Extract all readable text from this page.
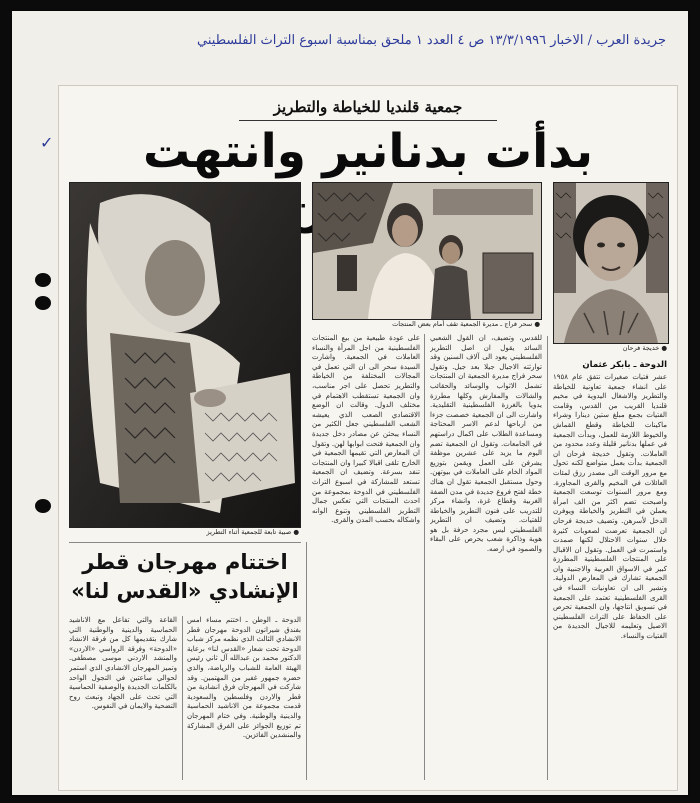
جريدة العرب / الاخبار ١٣/٣/١٩٩٦ ص ٤ العدد ١ ملحق بمناسبة اسبوع التراث الفلسطيني
✓
جمعية قلنديا للخياطة والتطريز
بدأت بدنانير وانتهت
● صبية تابعة للجمعية أثناء التطريز
● سحر فراج ـ مديرة الجمعية تقف أمام بعض المنتجات
● خديجة فرحان
الدوحة ـ بابكر عثمان
عشر فتيات صغيرات تتفق عام ١٩٥٨ على انشاء جمعية تعاونية للخياطة والتطريز والاشغال اليدوية في مخيم قلنديا القريب من القدس، وقامت الفتيات بجمع مبلغ ستين دينارا وشراء ماكينات للخياطة وقطع القماش والخيوط اللازمة للعمل، وبدأت الجمعية في عملها بدنانير قليلة وعدد محدود من العاملات. وتقول خديجة فرحان ان الجمعية بدأت بعمل متواضع لكنه تحول مع مرور الوقت الى مصدر رزق لمئات العائلات في المخيم والقرى المجاورة. ومع مرور السنوات توسعت الجمعية واصبحت تضم اكثر من الف امرأة يعملن في التطريز والخياطة ويوفرن الدخل لأسرهن. وتضيف خديجة فرحان ان الجمعية تعرضت لصعوبات كثيرة خلال سنوات الاحتلال لكنها صمدت واستمرت في العمل. وتقول ان الاقبال على المنتجات الفلسطينية المطرزة كبير في الاسواق العربية والاجنبية وان الجمعية تشارك في المعارض الدولية. وتشير الى ان تعاونيات النساء في القرى الفلسطينية تعتمد على الجمعية في تسويق انتاجها، وان الجمعية تحرص على الحفاظ على التراث الفلسطيني الاصيل وتعليمه للاجيال الجديدة من الفتيات والنساء.
للقدس، وتضيف، ان القول الشعبي السائد يقول ان اصل التطريز الفلسطيني يعود الى آلاف السنين وقد توارثته الاجيال جيلا بعد جيل. وتقول سحر فراج مديرة الجمعية ان المنتجات تشمل الاثواب والوسائد والحقائب والشالات والمفارش وكلها مطرزة يدويا بالغرزة الفلسطينية التقليدية. واشارت الى ان الجمعية خصصت جزءا من ارباحها لدعم الاسر المحتاجة ومساعدة الطلاب على اكمال دراستهم في الجامعات. وتقول ان الجمعية تضم اليوم ما يزيد على عشرين موظفة يشرفن على العمل ويقمن بتوزيع المواد الخام على العاملات في بيوتهن. وحول مستقبل الجمعية تقول ان هناك خطة لفتح فروع جديدة في مدن الضفة الغربية وقطاع غزة، وانشاء مركز للتدريب على فنون التطريز والخياطة للفتيات. وتضيف ان التطريز الفلسطيني ليس مجرد حرفة بل هو هوية وذاكرة شعب يحرص على البقاء والصمود في ارضه.
على عودة طبيعية من بيع المنتجات الفلسطينية من اجل المرأة والنساء العاملات في الجمعية. واشارت السيدة سحر الى ان التي تعمل في المجالات المختلفة من الخياطة والتطريز تحصل على اجر مناسب، وان الجمعية تستقطب الاهتمام في مختلف الدول. وقالت ان الوضع الاقتصادي الصعب الذي يعيشه الشعب الفلسطيني جعل الكثير من النساء يبحثن عن مصادر دخل جديدة وان الجمعية فتحت ابوابها لهن. وتقول ان المعارض التي تقيمها الجمعية في الخارج تلقى اقبالا كبيرا وان المنتجات تنفد بسرعة. وتضيف ان الجمعية تستعد للمشاركة في اسبوع التراث الفلسطيني في الدوحة بمجموعة من احدث المنتجات التي تعكس جمال التطريز الفلسطيني وتنوع الوانه واشكاله بحسب المدن والقرى.
اختتام مهرجان قطر
الإنشادي «القدس لنا»
الدوحة ـ الوطن ـ اختتم مساء امس بفندق شيراتون الدوحة مهرجان قطر الانشادي الثالث الذي نظمه مركز شباب الدوحة تحت شعار «القدس لنا» برعاية الدكتور محمد بن عبدالله آل ثاني رئيس الهيئة العامة للشباب والرياضة، والذي حضره جمهور غفير من المهتمين. وقد شاركت في المهرجان فرق انشادية من قطر والاردن وفلسطين والسعودية قدمت مجموعة من الاناشيد الحماسية والدينية والوطنية. وفي ختام المهرجان تم توزيع الجوائز على الفرق المشاركة والمنشدين الفائزين.
القاعة والتي تفاعل مع الاناشيد الحماسية والدينية والوطنية التي شارك بتقديمها كل من فرقة الانشاد «الدوحة» وفرقة الرواسي «الاردن» والمنشد الاردني موسى مصطفى. وتميز المهرجان الانشادي الذي استمر لحوالي ساعتين في التجول الواحد بالكلمات الجديدة والوصفية الحماسية التي تحث على الجهاد وتبعث روح التضحية والايمان في النفوس.
